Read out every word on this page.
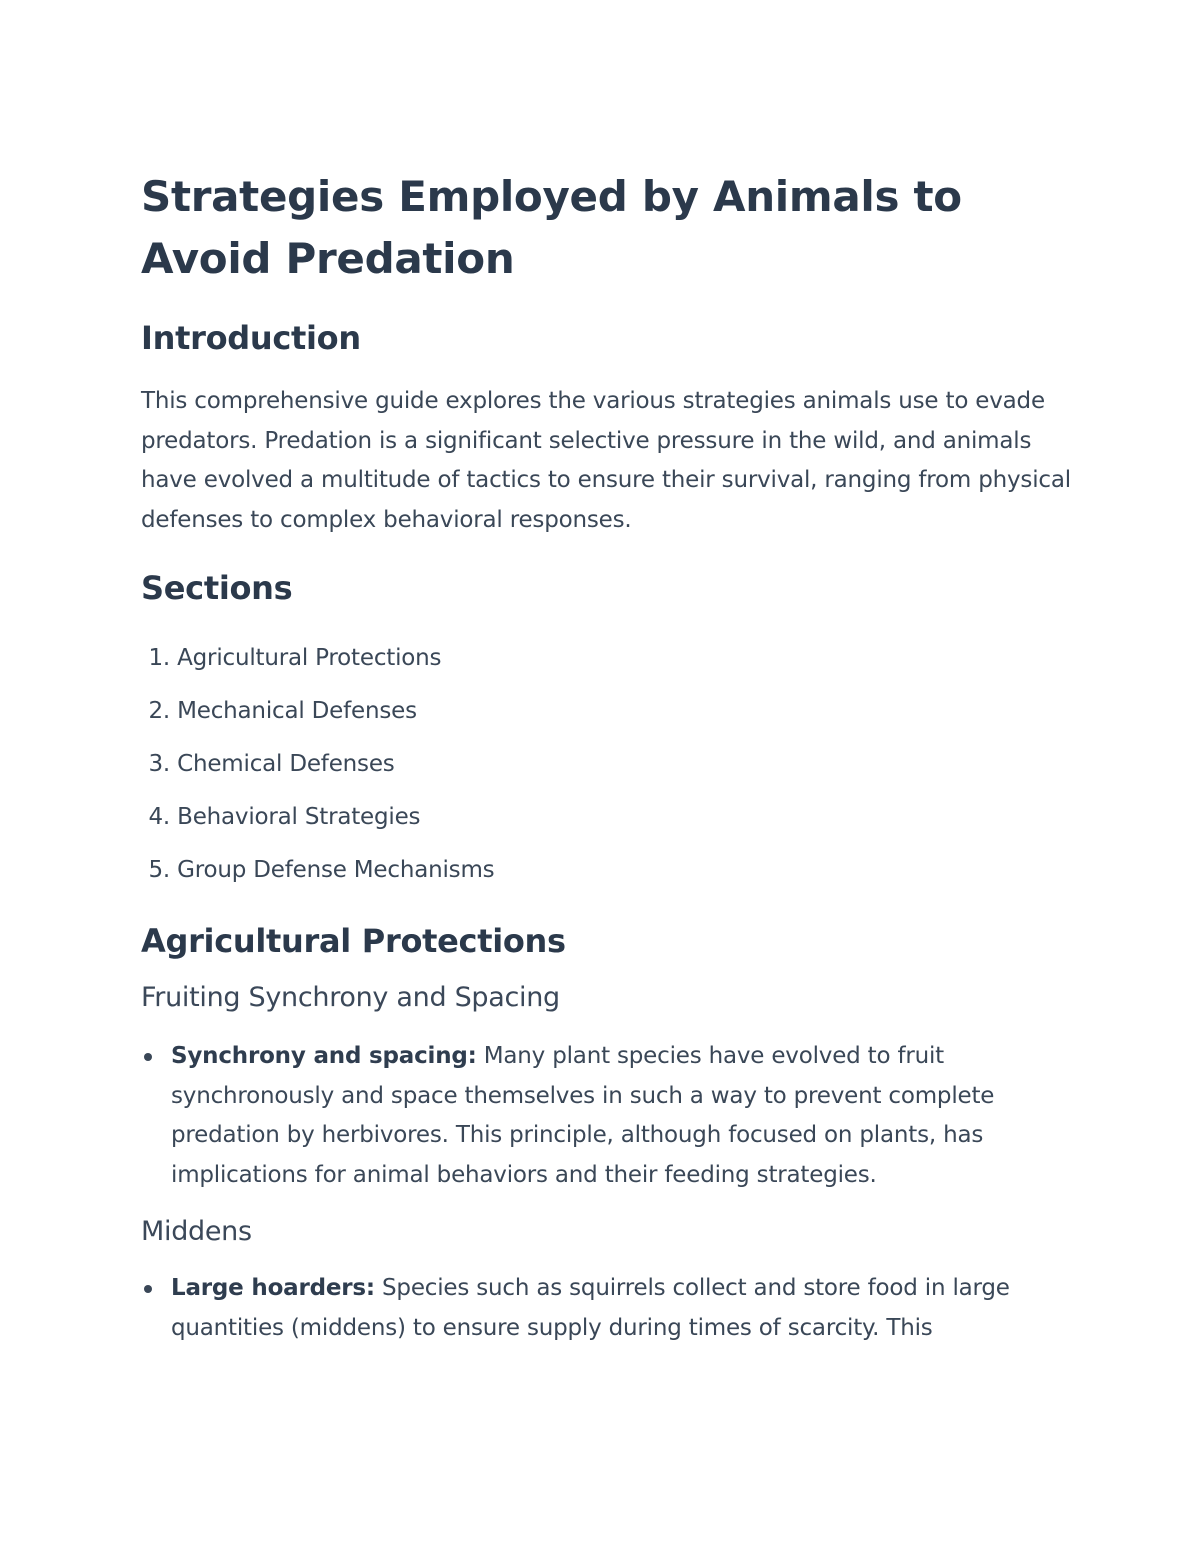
Strategies Employed by Animals to Avoid Predation
Introduction

This comprehensive guide explores the various strategies animals use to evade predators. Predation is a significant selective pressure in the wild, and animals have evolved a multitude of tactics to ensure their survival, ranging from physical defenses to complex behavioral responses.

Sections
1. Agricultural Protections
2. Mechanical Defenses
3. Chemical Defenses
4. Behavioral Strategies
5. Group Defense Mechanisms
Agricultural Protections
Fruiting Synchrony and Spacing
Synchrony and spacing: Many plant species have evolved to fruit synchronously and space themselves in such a way to prevent complete predation by herbivores. This principle, although focused on plants, has implications for animal behaviors and their feeding strategies.
Middens
Large hoarders: Species such as squirrels collect and store food in large quantities (middens) to ensure supply during times of scarcity. This
